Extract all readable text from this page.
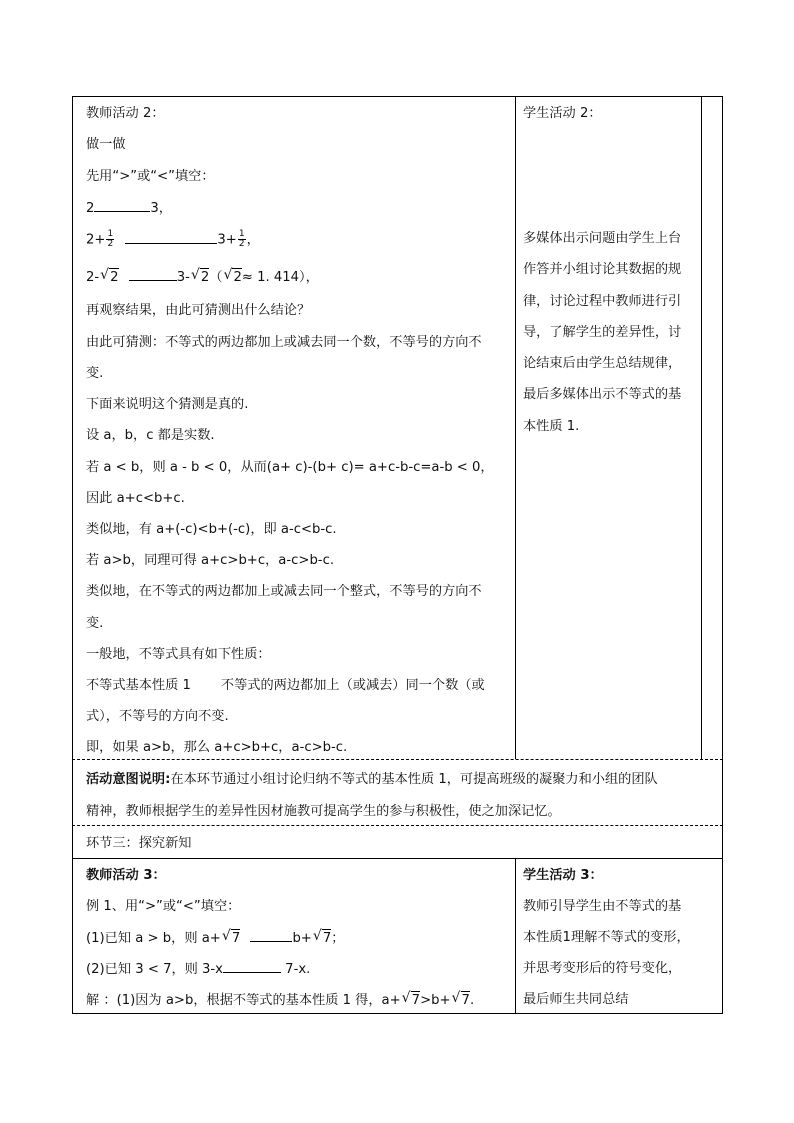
教师活动 2：
做一做
先用“>”或“<”填空：
2	3，
$2+ \frac{1}{2}$	$3+ \frac{1}{2}$ ，
2- √ 2	3- √ 2（ √ 2≈ 1. 414），
再观察结果，由此可猜测出什么结论？
由此可猜测：不等式的两边都加上或减去同一个数，不等号的方向不
变.
下面来说明这个猜测是真的.
设 a，b，c 都是实数.
若 a < b，则 a - b < 0，从而(a+ c)-(b+ c)= a+c-b-c=a-b < 0，
因此 a+c<b+c.
类似地，有 a+(-c)<b+(-c)，即 a-c<b-c.
若 a>b，同理可得 a+c>b+c，a-c>b-c.
类似地，在不等式的两边都加上或减去同一个整式，不等号的方向不
变.
一般地，不等式具有如下性质：
不等式基本性质 1 不等式的两边都加上（或减去）同一个数（或
式），不等号的方向不变.
即，如果 a>b，那么 a+c>b+c，a-c>b-c.
学生活动 2：
多媒体出示问题由学生上台
作答并小组讨论其数据的规
律，讨论过程中教师进行引
导，了解学生的差异性，讨
论结束后由学生总结规律，
最后多媒体出示不等式的基
本性质 1.
活动意图说明:在本环节通过小组讨论归纳不等式的基本性质 1，可提高班级的凝聚力和小组的团队
精神，教师根据学生的差异性因材施教可提高学生的参与积极性，使之加深记忆。
环节三：探究新知
教师活动 3：
例 1、用“>”或“<”填空：
(1)已知 a > b，则 a+ √ 7	b+ √ 7；
(2)已知 3 < 7，则 3-x	7-x.
解 ：(1)因为 a>b，根据不等式的基本性质 1 得，a+ √ 7>b+ √ 7.
学生活动 3：
教师引导学生由不等式的基
本性质1理解不等式的变形，
并思考变形后的符号变化，
最后师生共同总结
